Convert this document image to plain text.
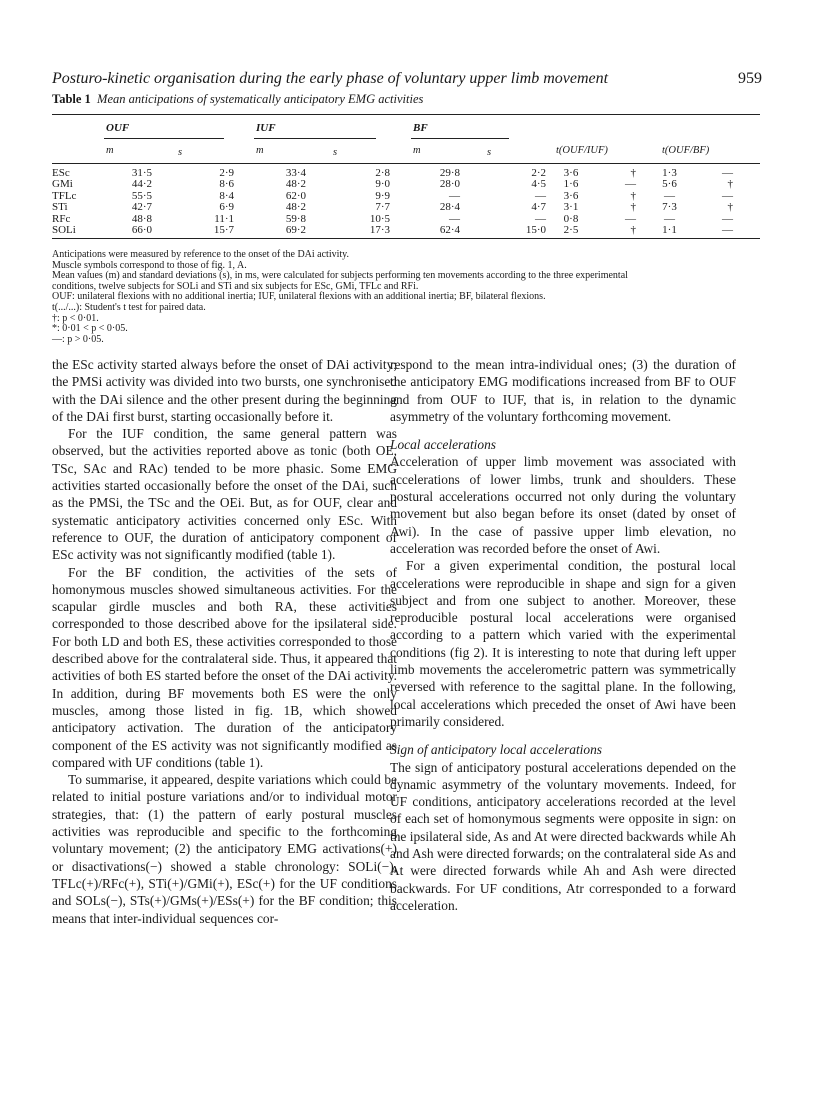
Posturo-kinetic organisation during the early phase of voluntary upper limb movement	959
Table 1 Mean anticipations of systematically anticipatory EMG activities
OUF	IUF	BF
m	s	m	s	m	s	t(OUF/IUF)	t(OUF/BF)
ESc	31·5	2·9	33·4	2·8	29·8	2·2	3·6	†	1·3	—
GMi	44·2	8·6	48·2	9·0	28·0	4·5	1·6	—	5·6	†
TFLc	55·5	8·4	62·0	9·9	—	—	3·6	†	—	—
STi	42·7	6·9	48·2	7·7	28·4	4·7	3·1	†	7·3	†
RFc	48·8	11·1	59·8	10·5	—	—	0·8	—	—	—
SOLi	66·0	15·7	69·2	17·3	62·4	15·0	2·5	†	1·1	—
Anticipations were measured by reference to the onset of the DAi activity.
Muscle symbols correspond to those of fig. 1, A.
Mean values (m) and standard deviations (s), in ms, were calculated for subjects performing ten movements according to the three experimental
conditions, twelve subjects for SOLi and STi and six subjects for ESc, GMi, TFLc and RFi.
OUF: unilateral flexions with no additional inertia; IUF, unilateral flexions with an additional inertia; BF, bilateral flexions.
t(.../...): Student's t test for paired data.
†: p < 0·01.
*: 0·01 < p < 0·05.
—: p > 0·05.

the ESc activity started always before the onset of DAi activity; the PMSi activity was divided into two bursts, one synchronised with the DAi silence and the other present during the beginning of the DAi first burst, starting occasionally before it.

For the IUF condition, the same general pattern was observed, but the activities reported above as tonic (both OE, TSc, SAc and RAc) tended to be more phasic. Some EMG activities started occasionally before the onset of the DAi, such as the PMSi, the TSc and the OEi. But, as for OUF, clear and systematic anticipatory activities concerned only ESc. With reference to OUF, the duration of anticipatory component of ESc activity was not significantly modified (table 1).

For the BF condition, the activities of the sets of homonymous muscles showed simultaneous activities. For the scapular girdle muscles and both RA, these activities corresponded to those described above for the ipsilateral side. For both LD and both ES, these activities corresponded to those described above for the contralateral side. Thus, it appeared that activities of both ES started before the onset of the DAi activity. In addition, during BF movements both ES were the only muscles, among those listed in fig. 1B, which showed anticipatory activation. The duration of the anticipatory component of the ES activity was not significantly modified as compared with UF conditions (table 1).

To summarise, it appeared, despite variations which could be related to initial posture variations and/or to individual motor strategies, that: (1) the pattern of early postural muscles activities was reproducible and specific to the forthcoming voluntary movement; (2) the anticipatory EMG activations(+) or disactivations(−) showed a stable chronology: SOLi(−), TFLc(+)/RFc(+), STi(+)/GMi(+), ESc(+) for the UF conditions and SOLs(−), STs(+)/GMs(+)/ESs(+) for the BF condition; this means that inter-individual sequences cor-

respond to the mean intra-individual ones; (3) the duration of the anticipatory EMG modifications increased from BF to OUF and from OUF to IUF, that is, in relation to the dynamic asymmetry of the voluntary forthcoming movement.

Local accelerations

Acceleration of upper limb movement was associated with accelerations of lower limbs, trunk and shoulders. These postural accelerations occurred not only during the voluntary movement but also began before its onset (dated by onset of Awi). In the case of passive upper limb elevation, no acceleration was recorded before the onset of Awi.

For a given experimental condition, the postural local accelerations were reproducible in shape and sign for a given subject and from one subject to another. Moreover, these reproducible postural local accelerations were organised according to a pattern which varied with the experimental conditions (fig 2). It is interesting to note that during left upper limb movements the accelerometric pattern was symmetrically reversed with reference to the sagittal plane. In the following, local accelerations which preceded the onset of Awi have been primarily considered.

Sign of anticipatory local accelerations

The sign of anticipatory postural accelerations depended on the dynamic asymmetry of the voluntary movements. Indeed, for UF conditions, anticipatory accelerations recorded at the level of each set of homonymous segments were opposite in sign: on the ipsilateral side, As and At were directed backwards while Ah and Ash were directed forwards; on the contralateral side As and At were directed forwards while Ah and Ash were directed backwards. For UF conditions, Atr corresponded to a forward acceleration.
